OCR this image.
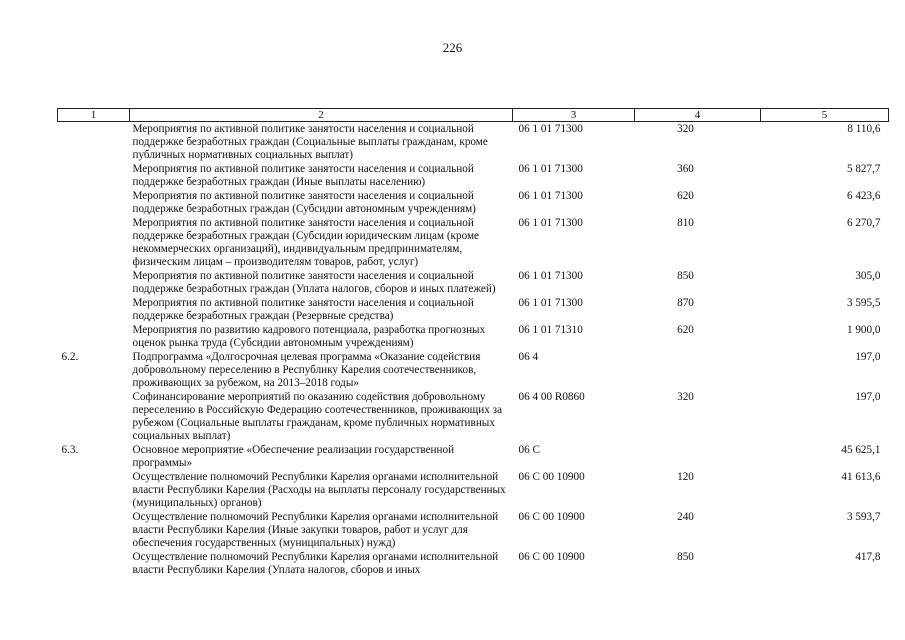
226
1	2	3	4	5
	Мероприятия по активной политике занятости населения и социальной поддержке безработных граждан (Социальные выплаты гражданам, кроме публичных нормативных социальных выплат)	06 1 01 71300	320	8 110,6
	Мероприятия по активной политике занятости населения и социальной поддержке безработных граждан (Иные выплаты населению)	06 1 01 71300	360	5 827,7
	Мероприятия по активной политике занятости населения и социальной поддержке безработных граждан (Субсидии автономным учреждениям)	06 1 01 71300	620	6 423,6
	Мероприятия по активной политике занятости населения и социальной поддержке безработных граждан (Субсидии юридическим лицам (кроме некоммерческих организаций), индивидуальным предпринимателям, физическим лицам – производителям товаров, работ, услуг)	06 1 01 71300	810	6 270,7
	Мероприятия по активной политике занятости населения и социальной поддержке безработных граждан (Уплата налогов, сборов и иных платежей)	06 1 01 71300	850	305,0
	Мероприятия по активной политике занятости населения и социальной поддержке безработных граждан (Резервные средства)	06 1 01 71300	870	3 595,5
	Мероприятия по развитию кадрового потенциала, разработка прогнозных оценок рынка труда (Субсидии автономным учреждениям)	06 1 01 71310	620	1 900,0
6.2.	Подпрограмма «Долгосрочная целевая программа «Оказание содействия добровольному переселению в Республику Карелия соотечественников, проживающих за рубежом, на 2013–2018 годы»	06 4		197,0
	Софинансирование мероприятий по оказанию содействия добровольному переселению в Российскую Федерацию соотечественников, проживающих за рубежом (Социальные выплаты гражданам, кроме публичных нормативных социальных выплат)	06 4 00 R0860	320	197,0
6.3.	Основное мероприятие «Обеспечение реализации государственной программы»	06 С		45 625,1
	Осуществление полномочий Республики Карелия органами исполнительной власти Республики Карелия (Расходы на выплаты персоналу государственных (муниципальных) органов)	06 С 00 10900	120	41 613,6
	Осуществление полномочий Республики Карелия органами исполнительной власти Республики Карелия (Иные закупки товаров, работ и услуг для обеспечения государственных (муниципальных) нужд)	06 С 00 10900	240	3 593,7
	Осуществление полномочий Республики Карелия органами исполнительной власти Республики Карелия (Уплата налогов, сборов и иных	06 С 00 10900	850	417,8
